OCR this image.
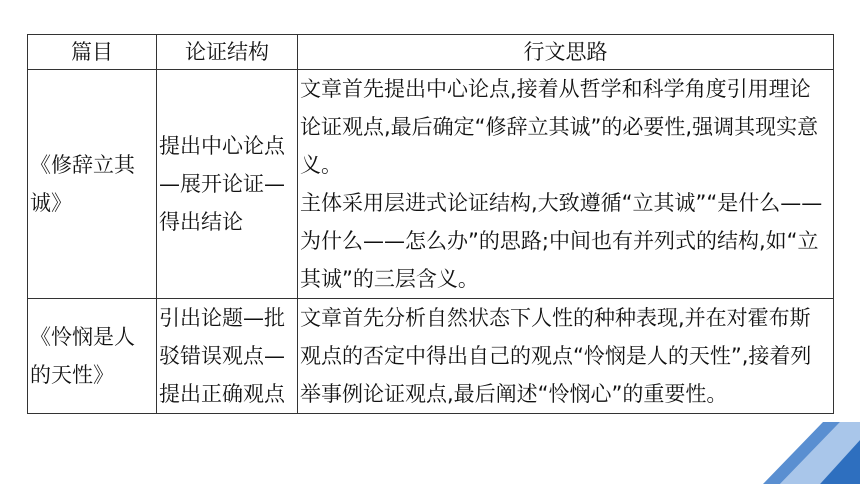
篇目	论证结构	行文思路
《修辞立其诚》	提出中心论点—展开论证—得出结论	文章首先提出中心论点,接着从哲学和科学角度引用理论论证观点,最后确定“修辞立其诚”的必要性,强调其现实意义。
主体采用层进式论证结构,大致遵循“立其诚”“是什么——为什么——怎么办”的思路;中间也有并列式的结构,如“立其诚”的三层含义。

《怜悯是人的天性》	引出论题—批驳错误观点—提出正确观点	文章首先分析自然状态下人性的种种表现,并在对霍布斯观点的否定中得出自己的观点“怜悯是人的天性”,接着列举事例论证观点,最后阐述“怜悯心”的重要性。
